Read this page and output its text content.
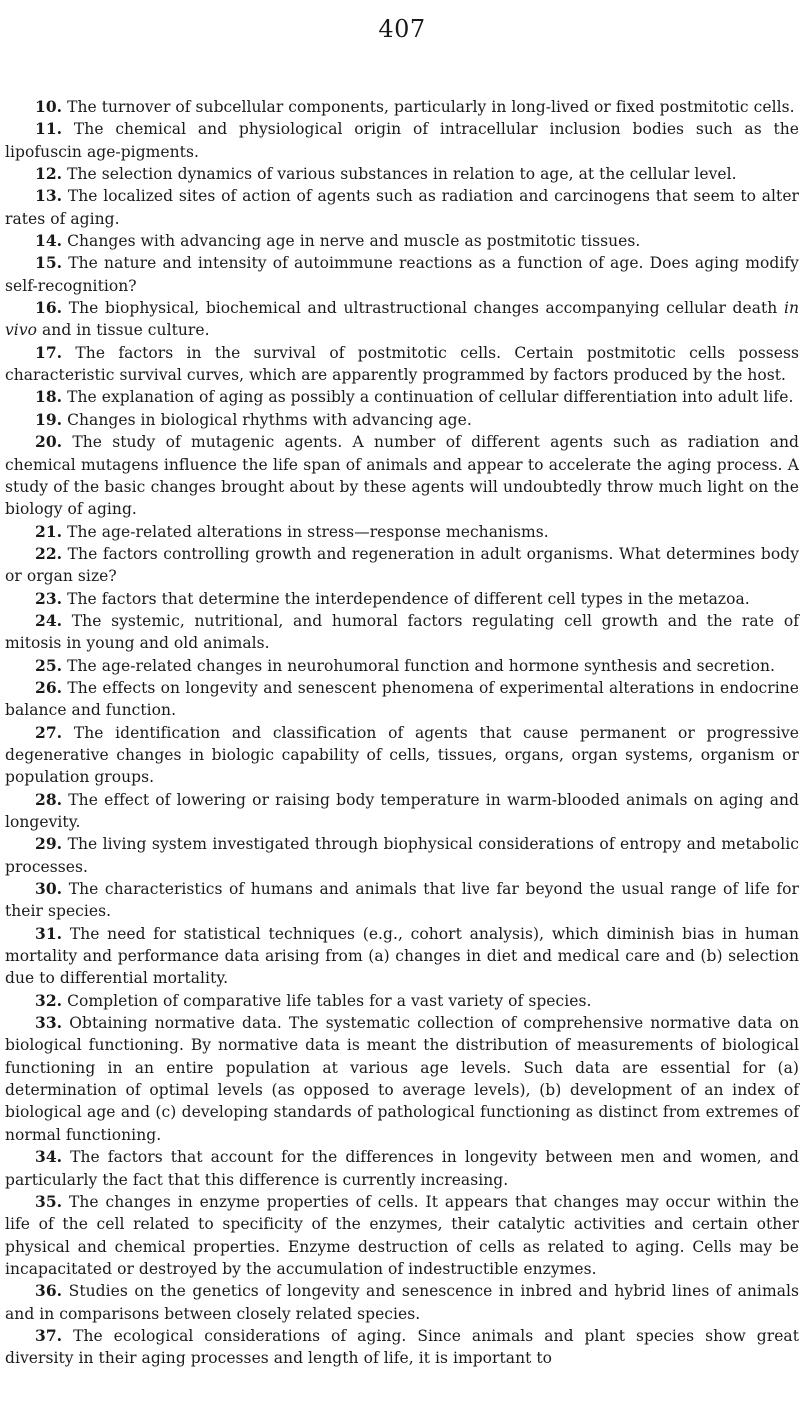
407

10. The turnover of subcellular components, particularly in long-lived or fixed postmitotic cells.

11. The chemical and physiological origin of intracellular inclusion bodies such as the lipofuscin age-pigments.

12. The selection dynamics of various substances in relation to age, at the cellular level.

13. The localized sites of action of agents such as radiation and carcinogens that seem to alter rates of aging.

14. Changes with advancing age in nerve and muscle as postmitotic tissues.

15. The nature and intensity of autoimmune reactions as a function of age. Does aging modify self-recognition?

16. The biophysical, biochemical and ultrastructional changes accompanying cellular death in vivo and in tissue culture.

17. The factors in the survival of postmitotic cells. Certain postmitotic cells possess characteristic survival curves, which are apparently programmed by factors produced by the host.

18. The explanation of aging as possibly a continuation of cellular differentiation into adult life.

19. Changes in biological rhythms with advancing age.

20. The study of mutagenic agents. A number of different agents such as radiation and chemical mutagens influence the life span of animals and appear to accelerate the aging process. A study of the basic changes brought about by these agents will undoubtedly throw much light on the biology of aging.

21. The age-related alterations in stress—response mechanisms.

22. The factors controlling growth and regeneration in adult organisms. What determines body or organ size?

23. The factors that determine the interdependence of different cell types in the metazoa.

24. The systemic, nutritional, and humoral factors regulating cell growth and the rate of mitosis in young and old animals.

25. The age-related changes in neurohumoral function and hormone synthesis and secretion.

26. The effects on longevity and senescent phenomena of experimental alterations in endocrine balance and function.

27. The identification and classification of agents that cause permanent or progressive degenerative changes in biologic capability of cells, tissues, organs, organ systems, organism or population groups.

28. The effect of lowering or raising body temperature in warm-blooded animals on aging and longevity.

29. The living system investigated through biophysical considerations of entropy and metabolic processes.

30. The characteristics of humans and animals that live far beyond the usual range of life for their species.

31. The need for statistical techniques (e.g., cohort analysis), which diminish bias in human mortality and performance data arising from (a) changes in diet and medical care and (b) selection due to differential mortality.

32. Completion of comparative life tables for a vast variety of species.

33. Obtaining normative data. The systematic collection of comprehensive normative data on biological functioning. By normative data is meant the distribution of measurements of biological functioning in an entire population at various age levels. Such data are essential for (a) determination of optimal levels (as opposed to average levels), (b) development of an index of biological age and (c) developing standards of pathological functioning as distinct from extremes of normal functioning.

34. The factors that account for the differences in longevity between men and women, and particularly the fact that this difference is currently increasing.

35. The changes in enzyme properties of cells. It appears that changes may occur within the life of the cell related to specificity of the enzymes, their catalytic activities and certain other physical and chemical properties. Enzyme destruction of cells as related to aging. Cells may be incapacitated or destroyed by the accumulation of indestructible enzymes.

36. Studies on the genetics of longevity and senescence in inbred and hybrid lines of animals and in comparisons between closely related species.

37. The ecological considerations of aging. Since animals and plant species show great diversity in their aging processes and length of life, it is important to
